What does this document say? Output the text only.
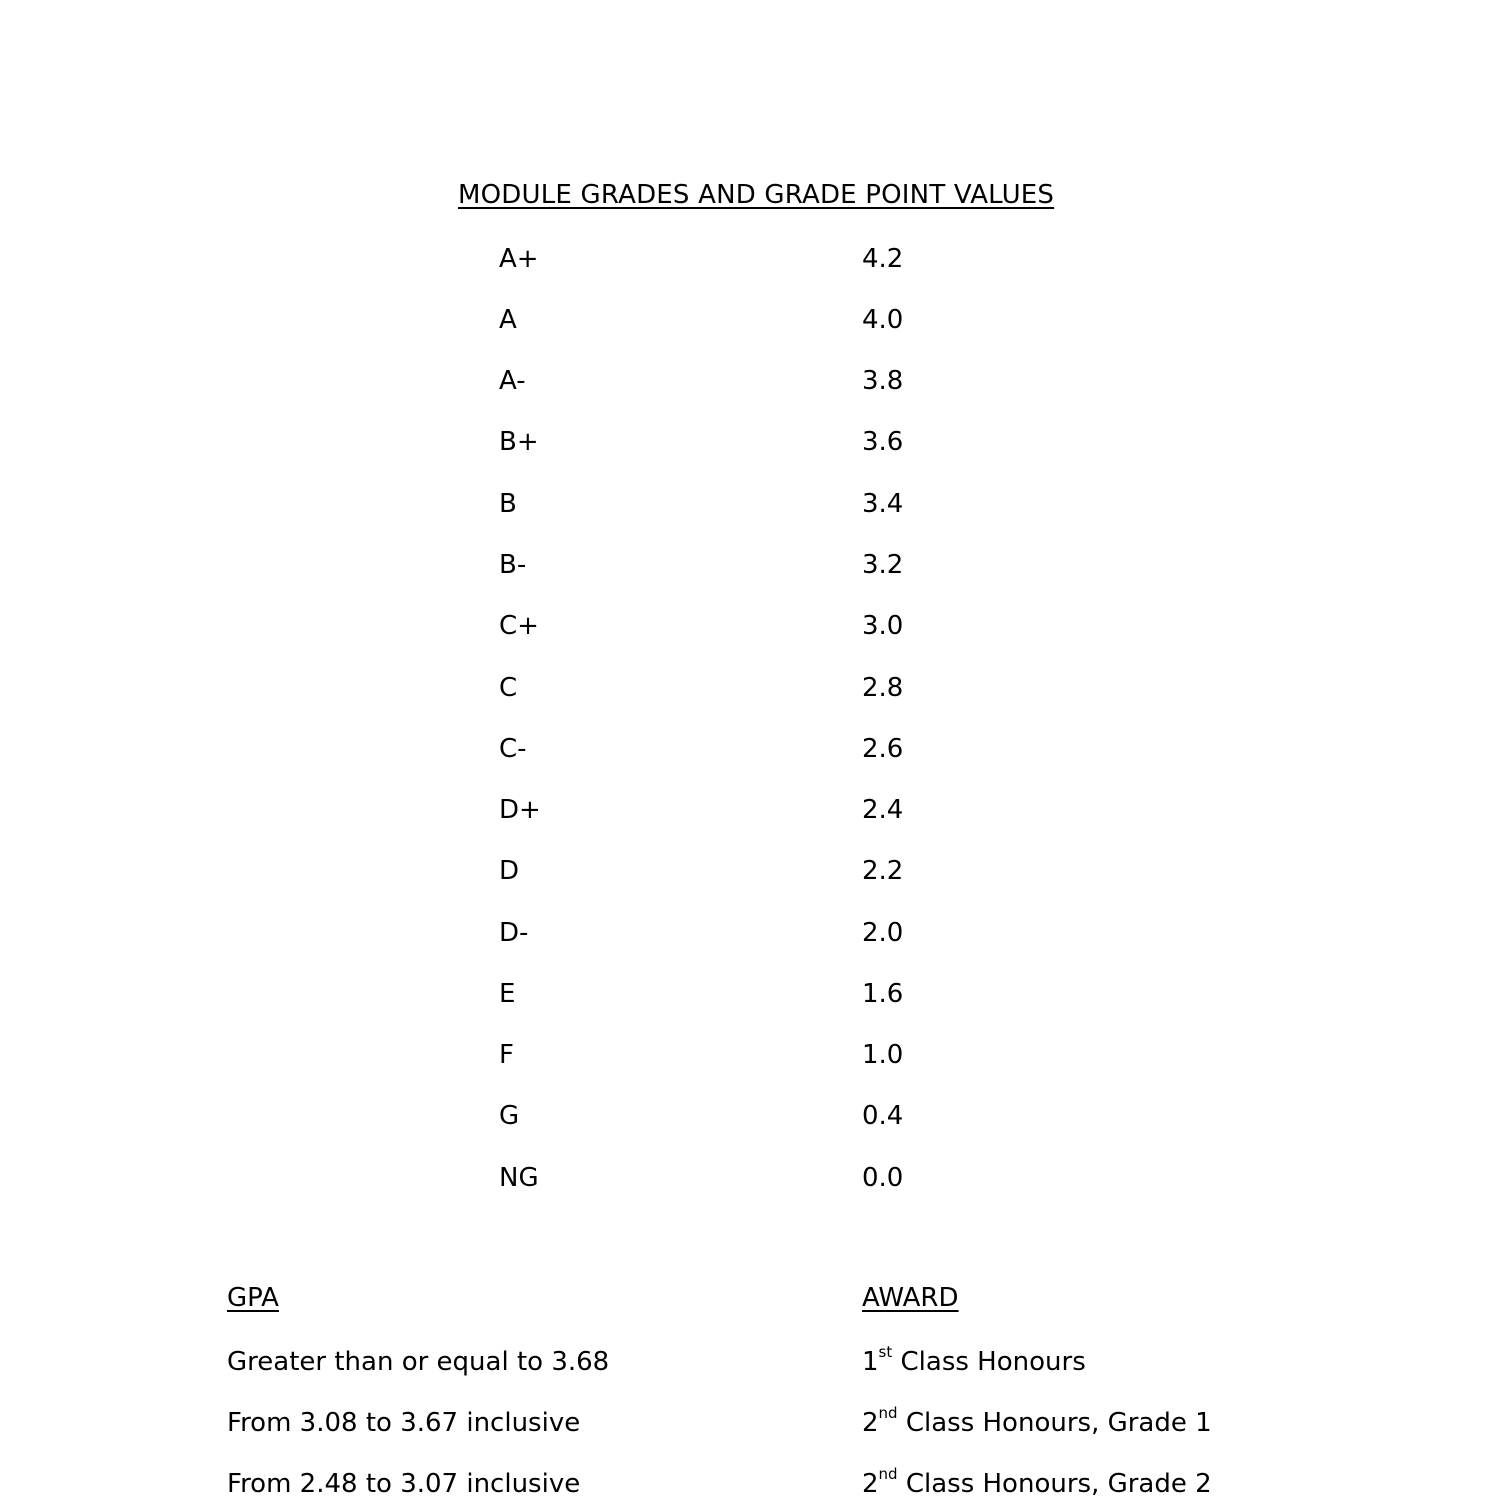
MODULE GRADES AND GRADE POINT VALUES
A+	4.2
A	4.0
A-	3.8
B+	3.6
B	3.4
B-	3.2
C+	3.0
C	2.8
C-	2.6
D+	2.4
D	2.2
D-	2.0
E	1.6
F	1.0
G	0.4
NG	0.0
GPA	AWARD
Greater than or equal to 3.68	1st Class Honours
From 3.08 to 3.67 inclusive	2nd Class Honours, Grade 1
From 2.48 to 3.07 inclusive	2nd Class Honours, Grade 2
